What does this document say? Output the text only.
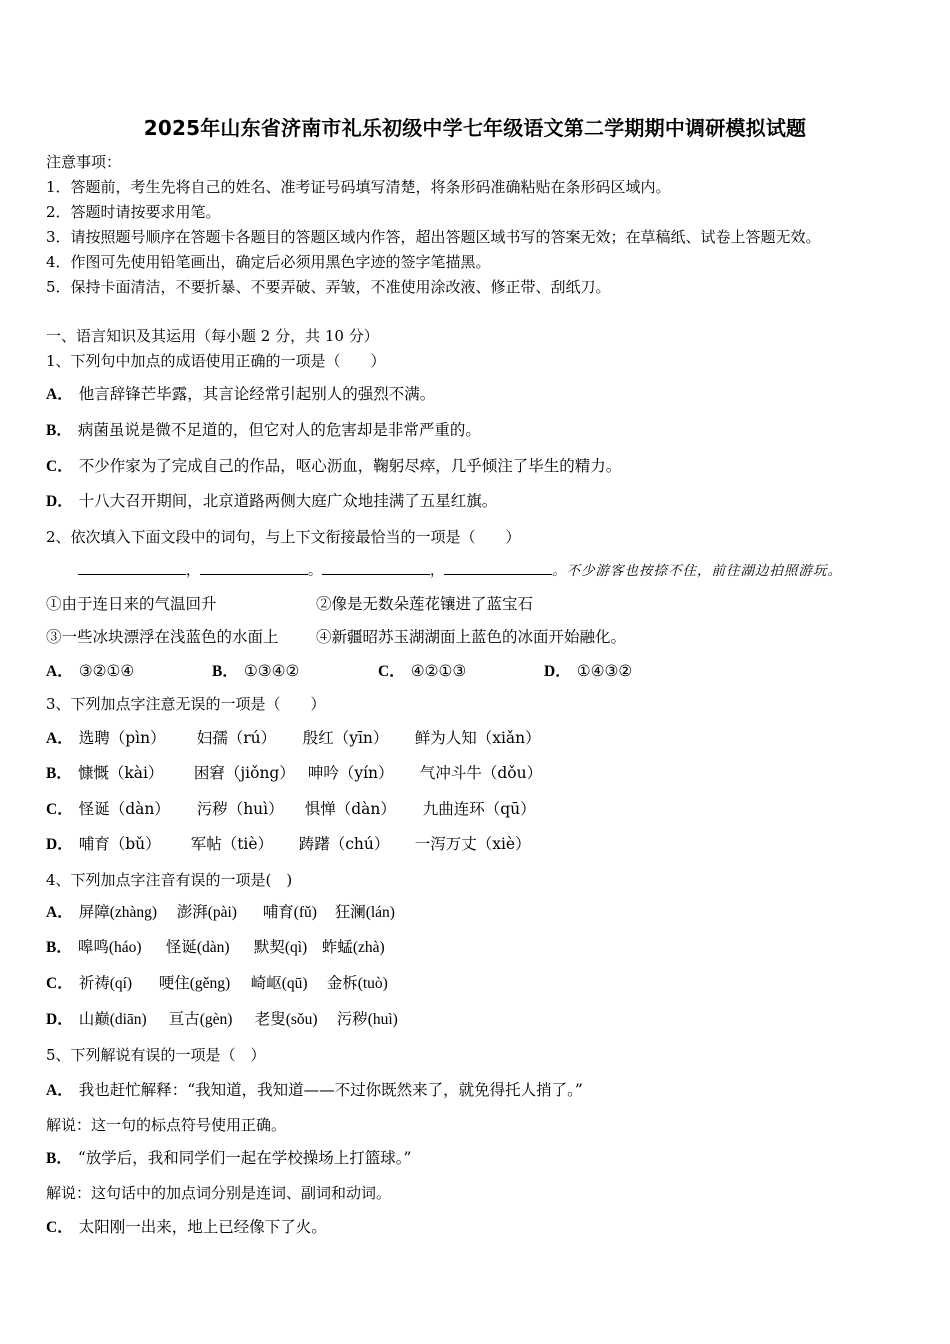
2025年山东省济南市礼乐初级中学七年级语文第二学期期中调研模拟试题
注意事项：
1．答题前，考生先将自己的姓名、准考证号码填写清楚，将条形码准确粘贴在条形码区域内。
2．答题时请按要求用笔。
3．请按照题号顺序在答题卡各题目的答题区域内作答，超出答题区域书写的答案无效；在草稿纸、试卷上答题无效。
4．作图可先使用铅笔画出，确定后必须用黑色字迹的签字笔描黑。
5．保持卡面清洁，不要折暴、不要弄破、弄皱，不准使用涂改液、修正带、刮纸刀。
一、语言知识及其运用（每小题 2 分，共 10 分）
1、下列句中加点的成语使用正确的一项是（　　）
A． 他言辞锋芒毕露，其言论经常引起别人的强烈不满。
B． 病菌虽说是微不足道的，但它对人的危害却是非常严重的。
C． 不少作家为了完成自己的作品，呕心沥血，鞠躬尽瘁，几乎倾注了毕生的精力。
D． 十八大召开期间，北京道路两侧大庭广众地挂满了五星红旗。
2、依次填入下面文段中的词句，与上下文衔接最恰当的一项是（　　）
，	。	，	。不少游客也按捺不住，前往湖边拍照游玩。
①由于连日来的气温回升	②像是无数朵莲花镶进了蓝宝石
③一些冰块漂浮在浅蓝色的水面上 ④新疆昭苏玉湖湖面上蓝色的冰面开始融化。
A． ③②①④	B． ①③④②	C． ④②①③	D． ①④③②
3、下列加点字注意无误的一项是（　　）
A． 选聘（pìn） 妇孺（rú） 殷红（yīn） 鲜为人知（xiǎn）
B． 慷慨（kài） 困窘（jiǒng） 呻吟（yín） 气冲斗牛（dǒu）
C． 怪诞（dàn） 污秽（huì） 惧惮（dàn） 九曲连环（qū）
D． 哺育（bǔ） 军帖（tiè） 踌躇（chú） 一泻万丈（xiè）
4、下列加点字注音有误的一项是(　)
A． 屏障(zhàng) 澎湃(pài) 哺育(fǔ) 狂澜(lán)
B． 嗥鸣(háo) 怪诞(dàn) 默契(qì) 蚱蜢(zhà)
C． 祈祷(qí) 哽住(gěng) 崎岖(qū) 金柝(tuò)
D． 山巅(diān) 亘古(gèn) 老叟(sǒu) 污秽(huì)
5、下列解说有误的一项是（　）
A． 我也赶忙解释：“我知道，我知道——不过你既然来了，就免得托人捎了。”
解说：这一句的标点符号使用正确。
B． “放学后，我和同学们一起在学校操场上打篮球。”
解说：这句话中的加点词分别是连词、副词和动词。
C． 太阳刚一出来，地上已经像下了火。
